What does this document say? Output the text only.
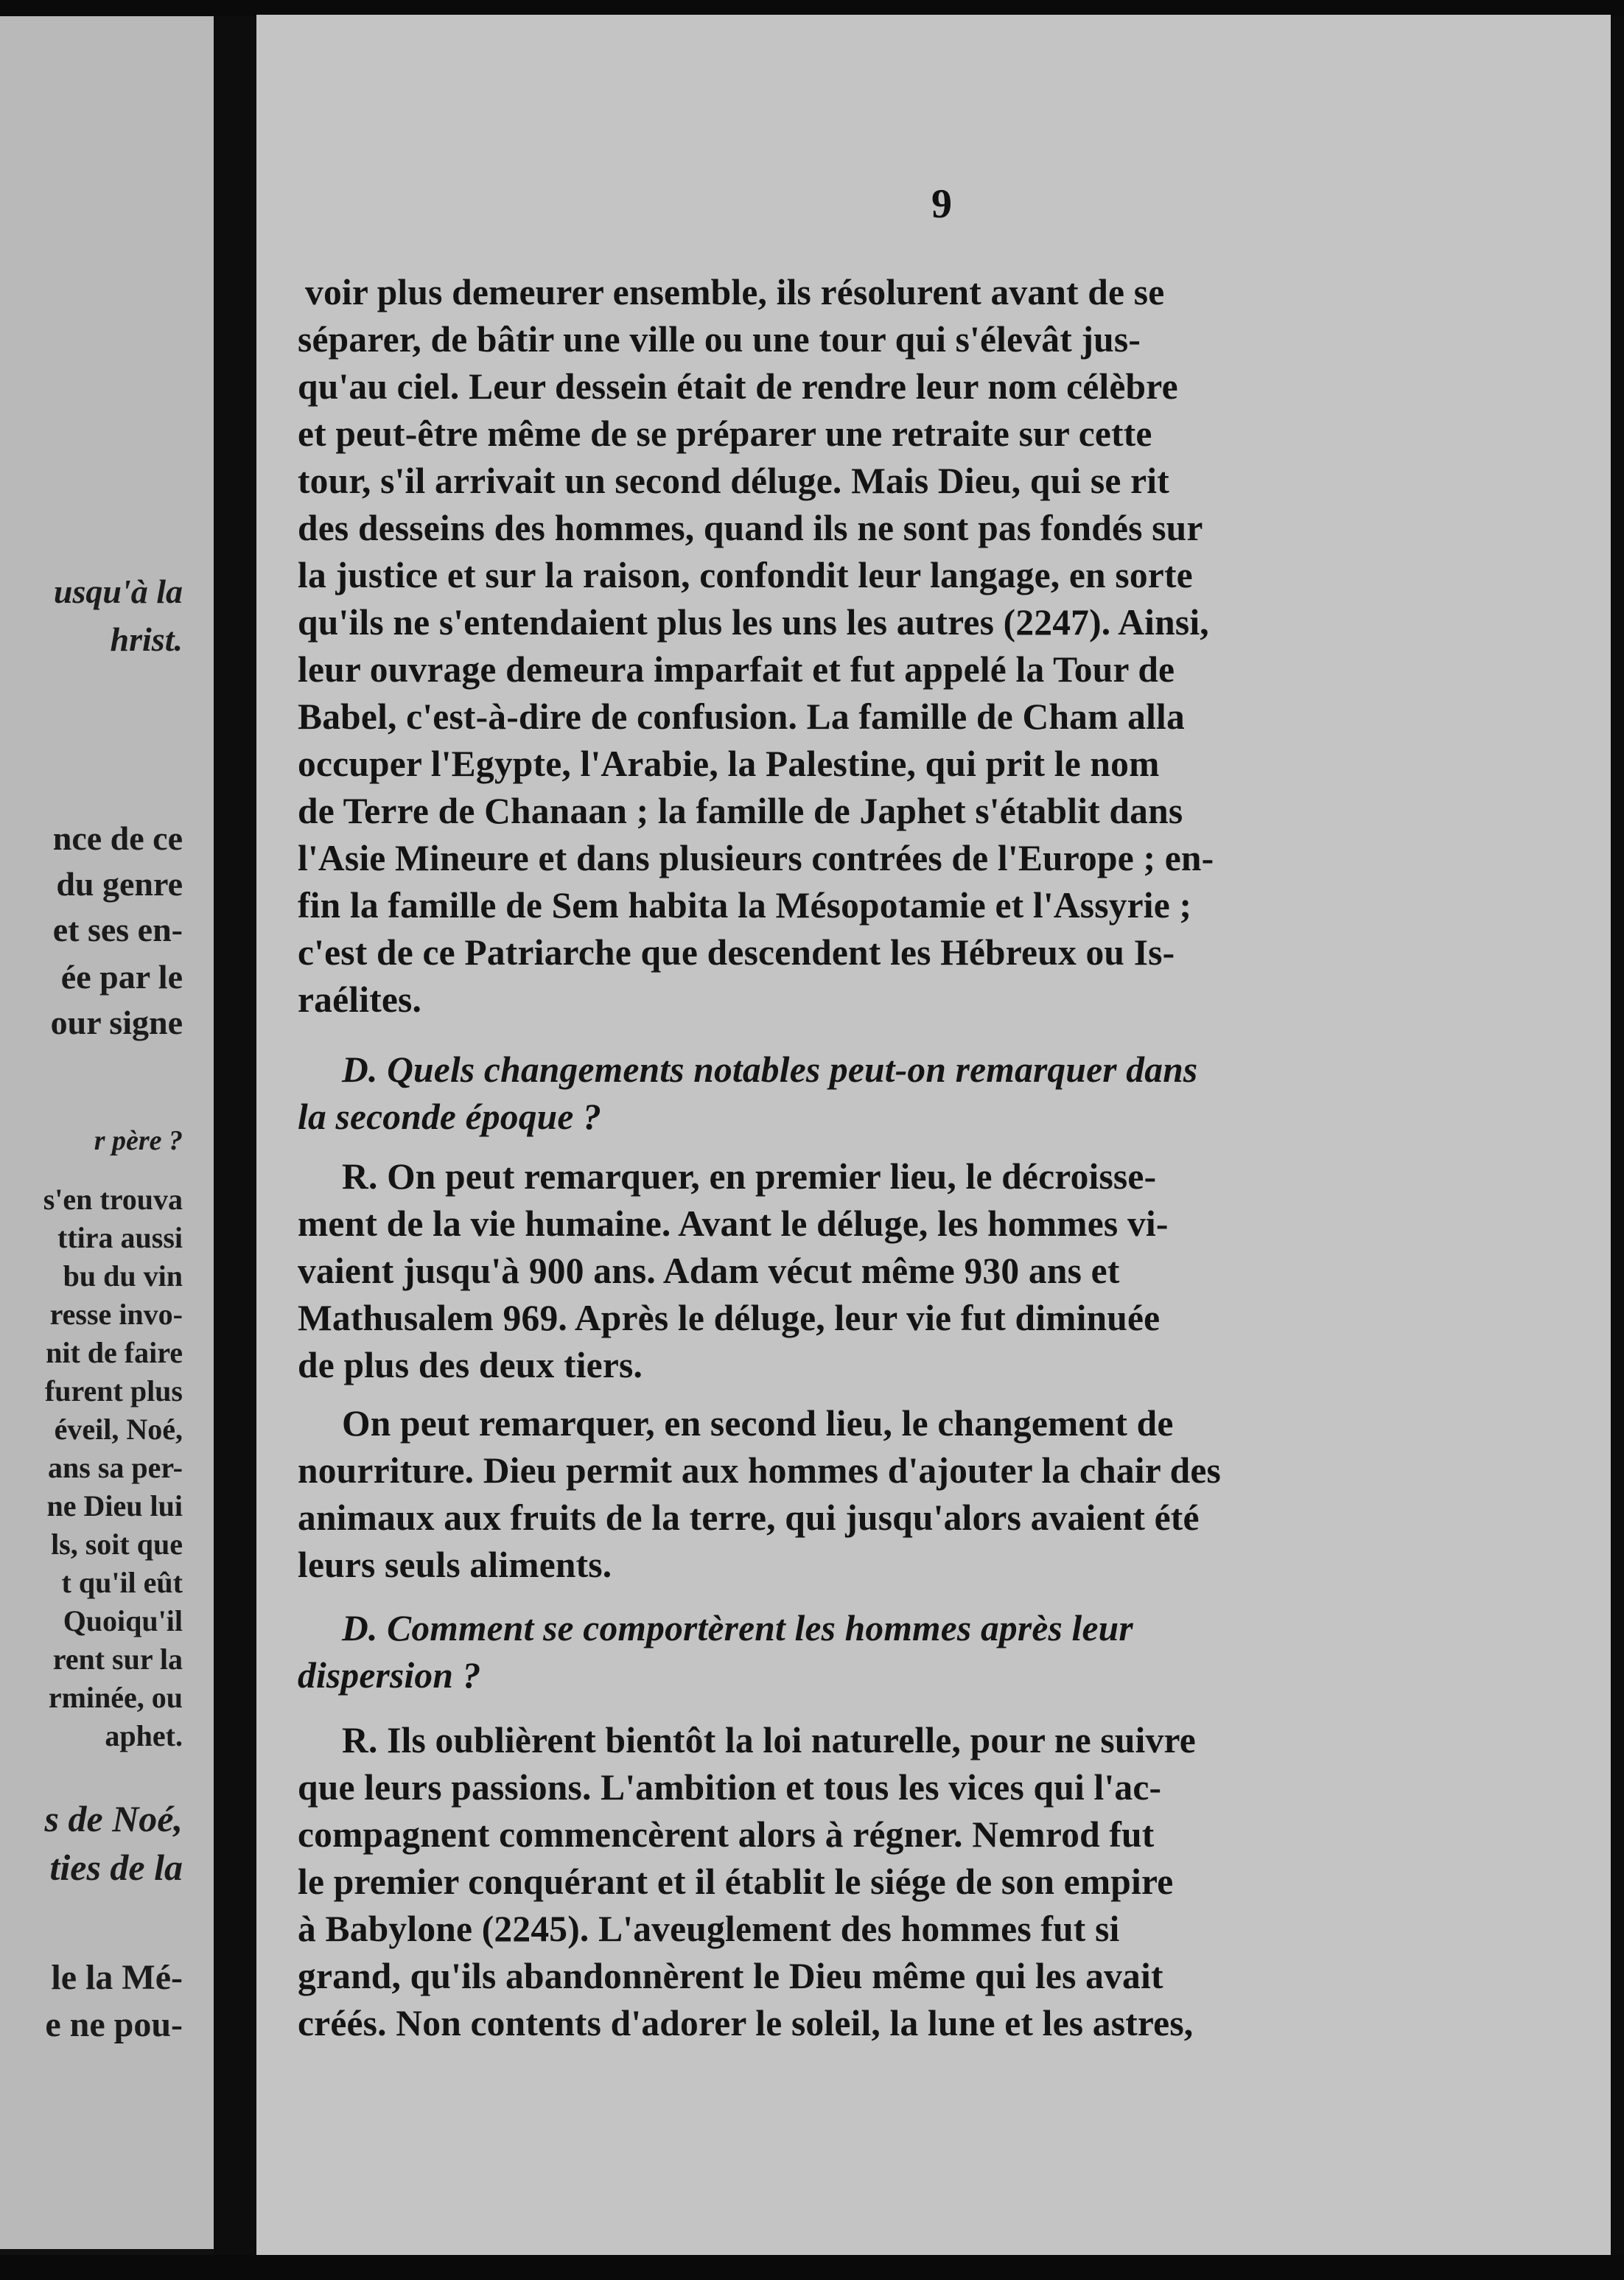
usqu'à la
hrist.
nce de ce
du genre
et ses en-
ée par le
our signe
r père ?
s'en trouva
ttira aussi
bu du vin
resse invo-
nit de faire
furent plus
éveil, Noé,
ans sa per-
ne Dieu lui
ls, soit que
t qu'il eût
Quoiqu'il
rent sur la
rminée, ou
aphet.
s de Noé,
ties de la
le la Mé-
e ne pou-
9
voir plus demeurer ensemble, ils résolurent avant de se
séparer, de bâtir une ville ou une tour qui s'élevât jus-
qu'au ciel. Leur dessein était de rendre leur nom célèbre
et peut-être même de se préparer une retraite sur cette
tour, s'il arrivait un second déluge. Mais Dieu, qui se rit
des desseins des hommes, quand ils ne sont pas fondés sur
la justice et sur la raison, confondit leur langage, en sorte
qu'ils ne s'entendaient plus les uns les autres (2247). Ainsi,
leur ouvrage demeura imparfait et fut appelé la Tour de
Babel, c'est-à-dire de confusion. La famille de Cham alla
occuper l'Egypte, l'Arabie, la Palestine, qui prit le nom
de Terre de Chanaan ; la famille de Japhet s'établit dans
l'Asie Mineure et dans plusieurs contrées de l'Europe ; en-
fin la famille de Sem habita la Mésopotamie et l'Assyrie ;
c'est de ce Patriarche que descendent les Hébreux ou Is-
raélites.
D. Quels changements notables peut-on remarquer dans
la seconde époque ?
R. On peut remarquer, en premier lieu, le décroisse-
ment de la vie humaine. Avant le déluge, les hommes vi-
vaient jusqu'à 900 ans. Adam vécut même 930 ans et
Mathusalem 969. Après le déluge, leur vie fut diminuée
de plus des deux tiers.
On peut remarquer, en second lieu, le changement de
nourriture. Dieu permit aux hommes d'ajouter la chair des
animaux aux fruits de la terre, qui jusqu'alors avaient été
leurs seuls aliments.
D. Comment se comportèrent les hommes après leur
dispersion ?
R. Ils oublièrent bientôt la loi naturelle, pour ne suivre
que leurs passions. L'ambition et tous les vices qui l'ac-
compagnent commencèrent alors à régner. Nemrod fut
le premier conquérant et il établit le siége de son empire
à Babylone (2245). L'aveuglement des hommes fut si
grand, qu'ils abandonnèrent le Dieu même qui les avait
créés. Non contents d'adorer le soleil, la lune et les astres,
